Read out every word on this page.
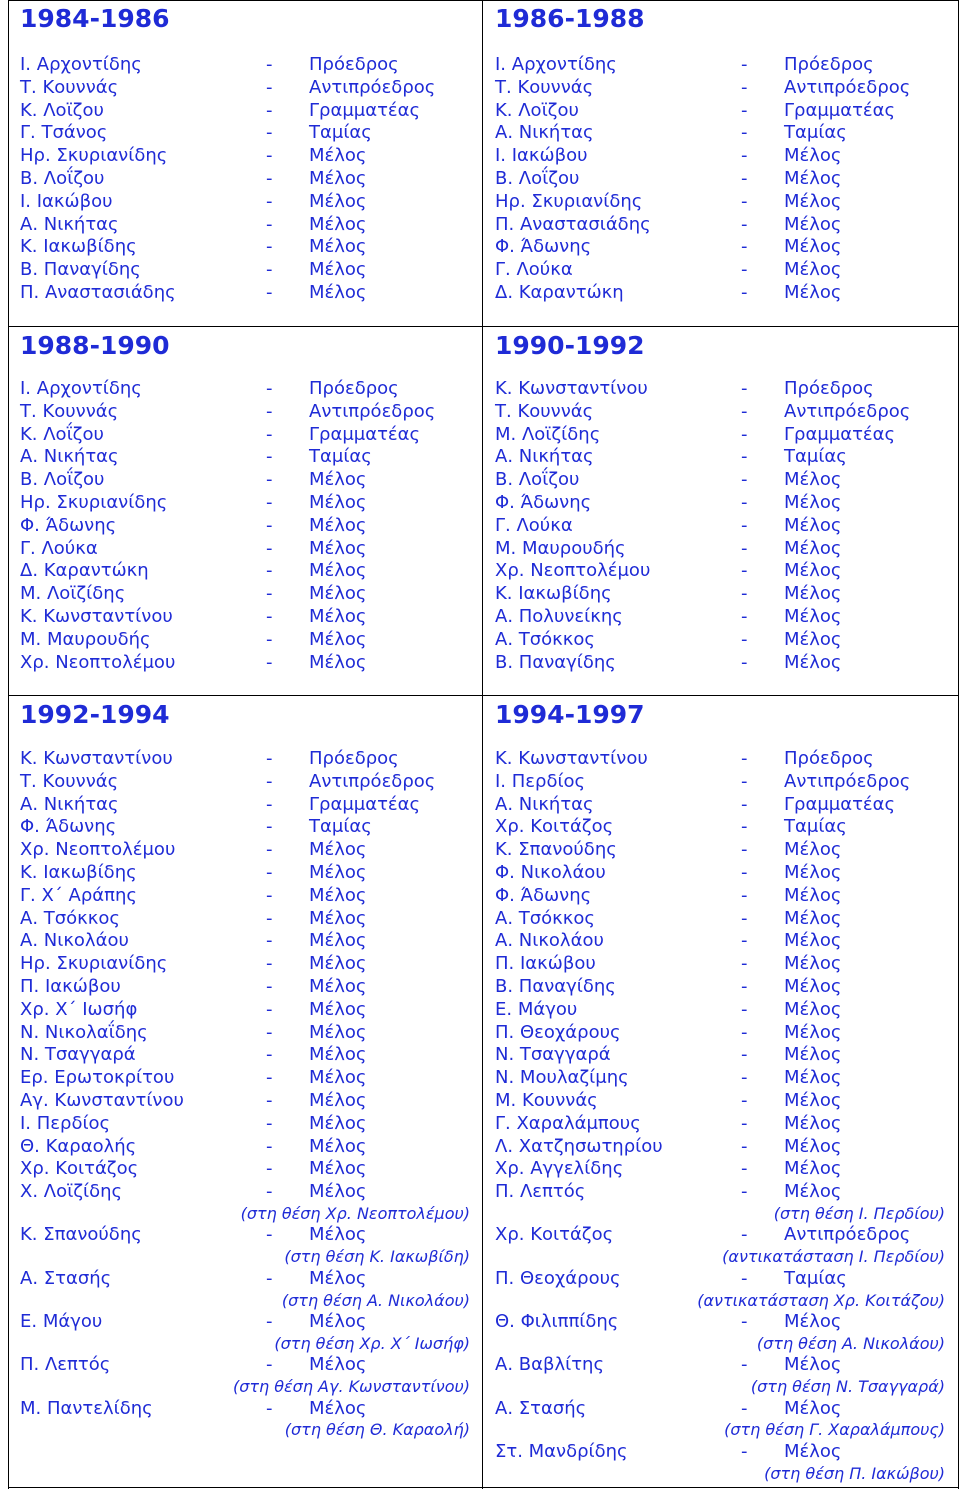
1984-1986
Ι. Αρχοντίδης	- Πρόεδρος
Τ. Κουννάς	- Αντιπρόεδρος
Κ. Λοϊζου	- Γραμματέας
Γ. Τσάνος	- Ταμίας
Ηρ. Σκυριανίδης	- Μέλος
Β. Λοΐζου	- Μέλος
Ι. Ιακώβου	- Μέλος
Α. Νικήτας	- Μέλος
Κ. Ιακωβίδης	- Μέλος
Β. Παναγίδης	- Μέλος
Π. Αναστασιάδης	- Μέλος
1986-1988
Ι. Αρχοντίδης	- Πρόεδρος
Τ. Κουννάς	- Αντιπρόεδρος
Κ. Λοϊζου	- Γραμματέας
Α. Νικήτας	- Ταμίας
Ι. Ιακώβου	- Μέλος
Β. Λοΐζου	- Μέλος
Ηρ. Σκυριανίδης	- Μέλος
Π. Αναστασιάδης	- Μέλος
Φ. Άδωνης	- Μέλος
Γ. Λούκα	- Μέλος
Δ. Καραντώκη	- Μέλος
1988-1990
Ι. Αρχοντίδης	- Πρόεδρος
Τ. Κουννάς	- Αντιπρόεδρος
Κ. Λοΐζου	- Γραμματέας
Α. Νικήτας	- Ταμίας
Β. Λοΐζου	- Μέλος
Ηρ. Σκυριανίδης	- Μέλος
Φ. Άδωνης	- Μέλος
Γ. Λούκα	- Μέλος
Δ. Καραντώκη	- Μέλος
Μ. Λοϊζίδης	- Μέλος
Κ. Κωνσταντίνου	- Μέλος
Μ. Μαυρουδής	- Μέλος
Χρ. Νεοπτολέμου	- Μέλος
1990-1992
Κ. Κωνσταντίνου	- Πρόεδρος
Τ. Κουννάς	- Αντιπρόεδρος
Μ. Λοϊζίδης	- Γραμματέας
Α. Νικήτας	- Ταμίας
Β. Λοΐζου	- Μέλος
Φ. Άδωνης	- Μέλος
Γ. Λούκα	- Μέλος
Μ. Μαυρουδής	- Μέλος
Χρ. Νεοπτολέμου	- Μέλος
Κ. Ιακωβίδης	- Μέλος
Α. Πολυνείκης	- Μέλος
Α. Τσόκκος	- Μέλος
Β. Παναγίδης	- Μέλος
1992-1994
Κ. Κωνσταντίνου	- Πρόεδρος
Τ. Κουννάς	- Αντιπρόεδρος
Α. Νικήτας	- Γραμματέας
Φ. Άδωνης	- Ταμίας
Χρ. Νεοπτολέμου	- Μέλος
Κ. Ιακωβίδης	- Μέλος
Γ. Χ΄ Αράπης	- Μέλος
Α. Τσόκκος	- Μέλος
Α. Νικολάου	- Μέλος
Ηρ. Σκυριανίδης	- Μέλος
Π. Ιακώβου	- Μέλος
Χρ. Χ΄ Ιωσήφ	- Μέλος
Ν. Νικολαΐδης	- Μέλος
Ν. Τσαγγαρά	- Μέλος
Ερ. Ερωτοκρίτου	- Μέλος
Αγ. Κωνσταντίνου	- Μέλος
Ι. Περδίος	- Μέλος
Θ. Καραολής	- Μέλος
Χρ. Κοιτάζος	- Μέλος
Χ. Λοϊζίδης	- Μέλος
(στη θέση Χρ. Νεοπτολέμου)
Κ. Σπανούδης	- Μέλος
(στη θέση Κ. Ιακωβίδη)
Α. Στασής	- Μέλος
(στη θέση Α. Νικολάου)
Ε. Μάγου	- Μέλος
(στη θέση Χρ. Χ΄ Ιωσήφ)
Π. Λεπτός	- Μέλος
(στη θέση Αγ. Κωνσταντίνου)
Μ. Παντελίδης	- Μέλος
(στη θέση Θ. Καραολή)
1994-1997
Κ. Κωνσταντίνου	- Πρόεδρος
Ι. Περδίος	- Αντιπρόεδρος
Α. Νικήτας	- Γραμματέας
Χρ. Κοιτάζος	- Ταμίας
Κ. Σπανούδης	- Μέλος
Φ. Νικολάου	- Μέλος
Φ. Άδωνης	- Μέλος
Α. Τσόκκος	- Μέλος
Α. Νικολάου	- Μέλος
Π. Ιακώβου	- Μέλος
Β. Παναγίδης	- Μέλος
Ε. Μάγου	- Μέλος
Π. Θεοχάρους	- Μέλος
Ν. Τσαγγαρά	- Μέλος
Ν. Μουλαζίμης	- Μέλος
Μ. Κουννάς	- Μέλος
Γ. Χαραλάμπους	- Μέλος
Λ. Χατζησωτηρίου	- Μέλος
Χρ. Αγγελίδης	- Μέλος
Π. Λεπτός	- Μέλος
(στη θέση Ι. Περδίου)
Χρ. Κοιτάζος	- Αντιπρόεδρος
(αντικατάσταση Ι. Περδίου)
Π. Θεοχάρους	- Ταμίας
(αντικατάσταση Χρ. Κοιτάζου)
Θ. Φιλιππίδης	- Μέλος
(στη θέση Α. Νικολάου)
Α. Βαβλίτης	- Μέλος
(στη θέση Ν. Τσαγγαρά)
Α. Στασής	- Μέλος
(στη θέση Γ. Χαραλάμπους)
Στ. Μανδρίδης	- Μέλος
(στη θέση Π. Ιακώβου)
